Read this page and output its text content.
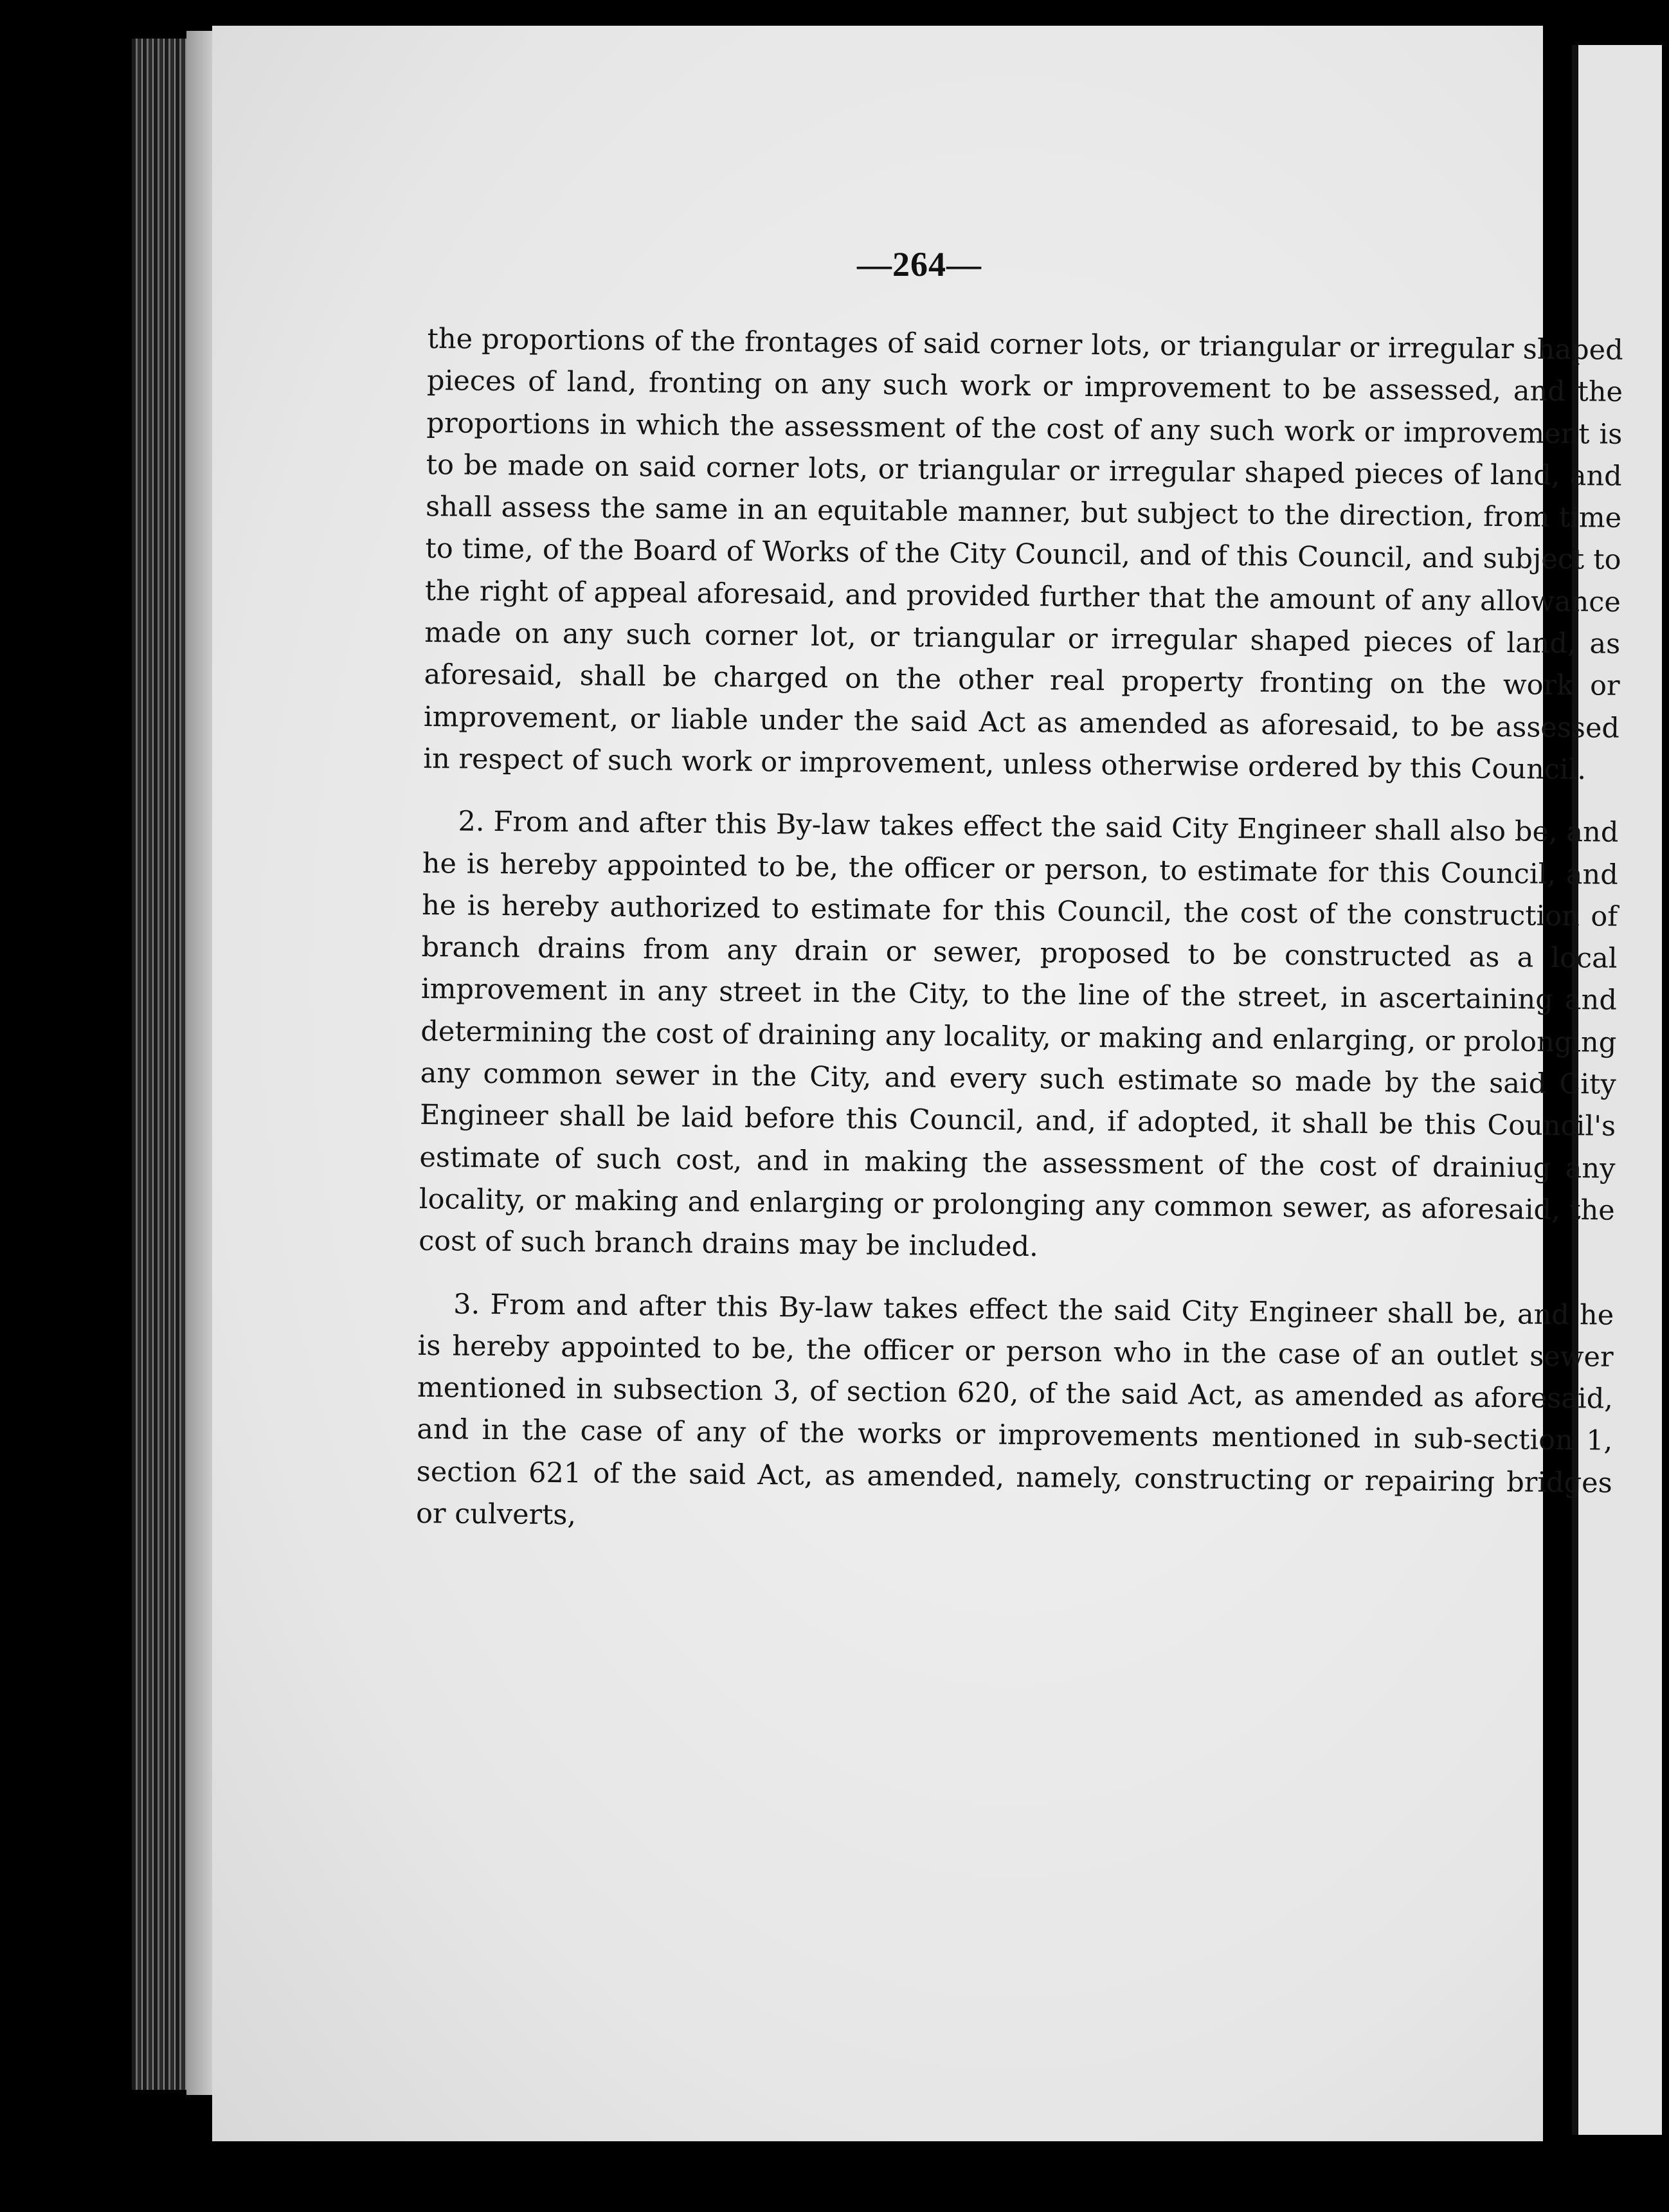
—264—

the proportions of the frontages of said corner lots, or triangular or irregular shaped pieces of land, fronting on any such work or improvement to be assessed, and the proportions in which the assessment of the cost of any such work or improvement is to be made on said corner lots, or triangular or irregular shaped pieces of land, and shall assess the same in an equitable manner, but subject to the direction, from time to time, of the Board of Works of the City Council, and of this Council, and subject to the right of appeal aforesaid, and provided further that the amount of any allowance made on any such corner lot, or triangular or irregular shaped pieces of land, as aforesaid, shall be charged on the other real property fronting on the work or improvement, or liable under the said Act as amended as aforesaid, to be assessed in respect of such work or improvement, unless otherwise ordered by this Council.

2. From and after this By-law takes effect the said City Engineer shall also be, and he is hereby appointed to be, the officer or person, to estimate for this Council, and he is hereby authorized to estimate for this Council, the cost of the construction of branch drains from any drain or sewer, proposed to be constructed as a local improvement in any street in the City, to the line of the street, in ascertaining and determining the cost of draining any locality, or making and enlarging, or prolonging any common sewer in the City, and every such estimate so made by the said City Engineer shall be laid before this Council, and, if adopted, it shall be this Council's estimate of such cost, and in making the assessment of the cost of drainiug any locality, or making and enlarging or prolonging any common sewer, as aforesaid, the cost of such branch drains may be included.

3. From and after this By-law takes effect the said City Engineer shall be, and he is hereby appointed to be, the officer or person who in the case of an outlet sewer mentioned in subsection 3, of section 620, of the said Act, as amended as aforesaid, and in the case of any of the works or improvements mentioned in sub-section 1, section 621 of the said Act, as amended, namely, constructing or repairing bridges or culverts,
